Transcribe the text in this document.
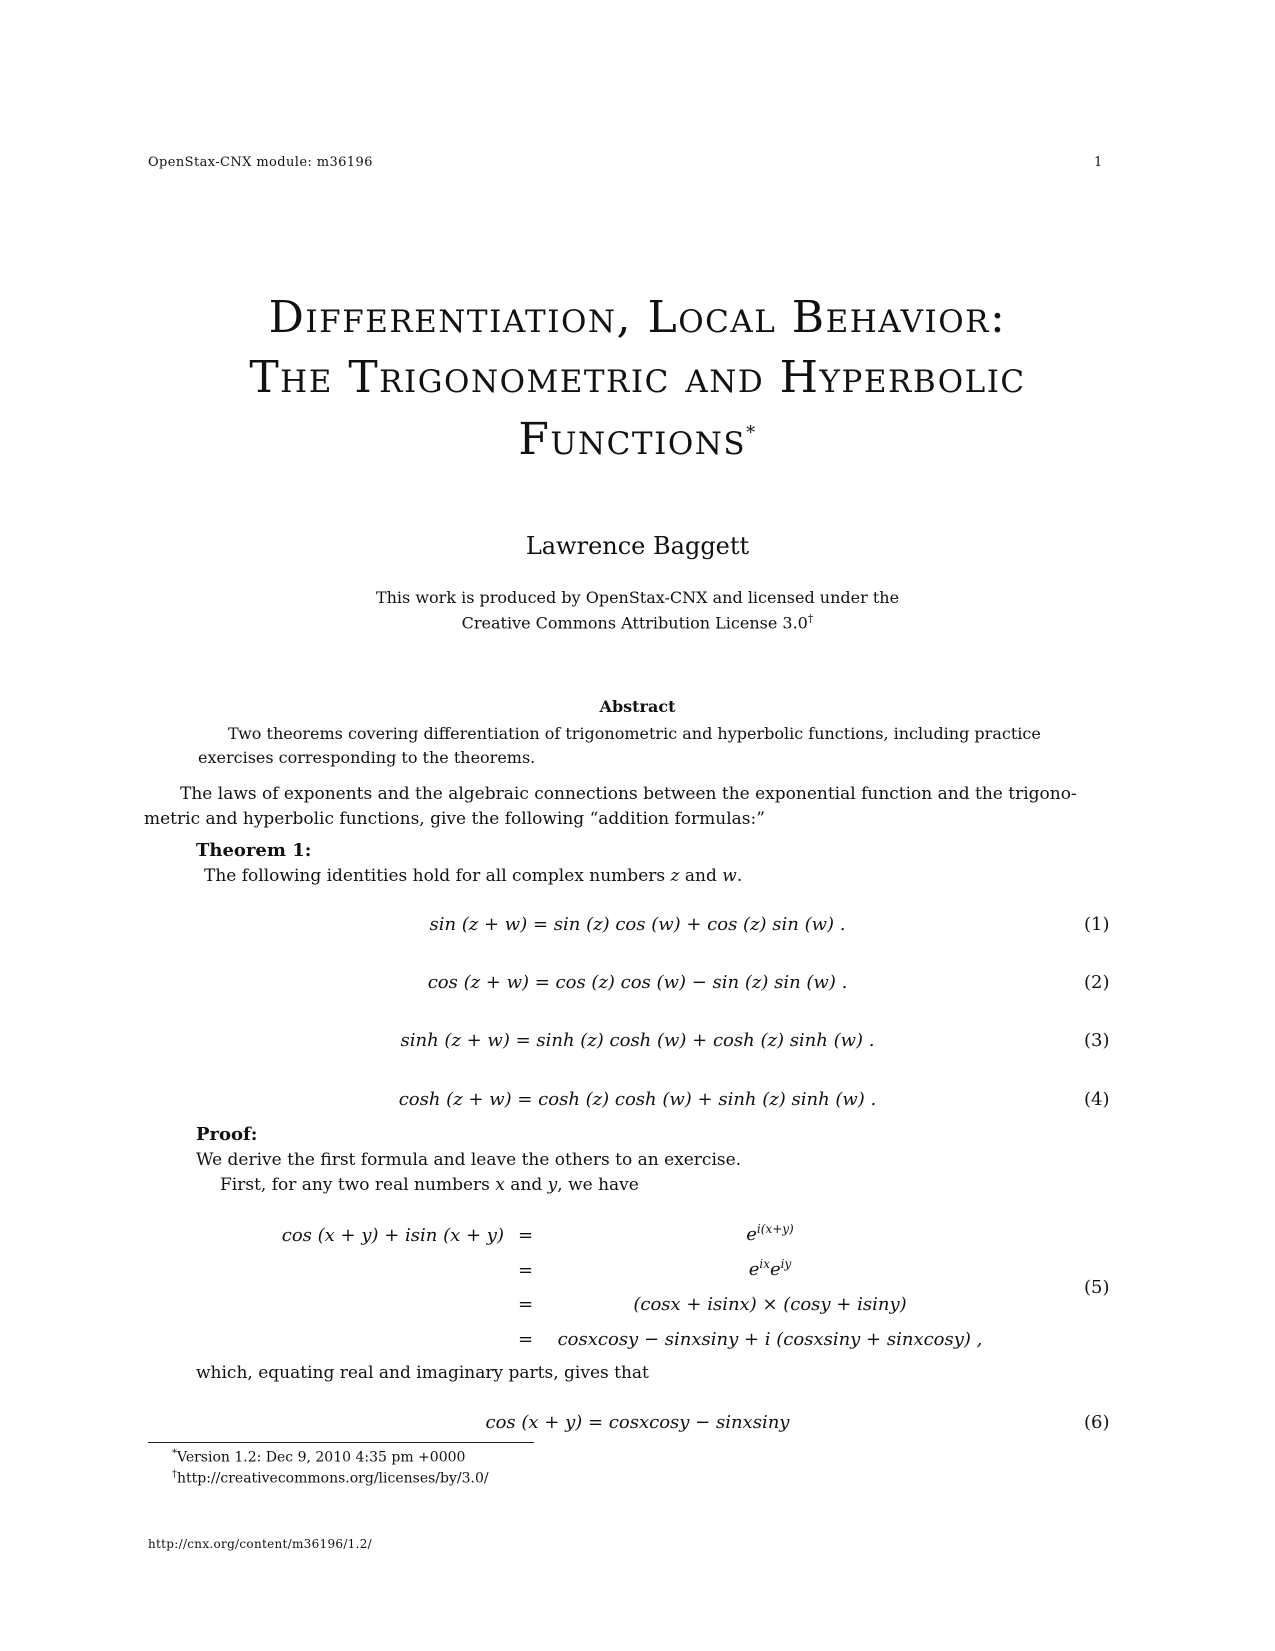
OpenStax-CNX module: m36196	1
Differentiation, Local Behavior:
The Trigonometric and Hyperbolic
Functions*
Lawrence Baggett
This work is produced by OpenStax-CNX and licensed under the
Creative Commons Attribution License 3.0†
Abstract
Two theorems covering differentiation of trigonometric and hyperbolic functions, including practice
exercises corresponding to the theorems.
The laws of exponents and the algebraic connections between the exponential function and the trigono-
metric and hyperbolic functions, give the following “addition formulas:”
Theorem 1:
The following identities hold for all complex numbers z and w.
sin (z + w) = sin (z) cos (w) + cos (z) sin (w) .	(1)
cos (z + w) = cos (z) cos (w) − sin (z) sin (w) .	(2)
sinh (z + w) = sinh (z) cosh (w) + cosh (z) sinh (w) .	(3)
cosh (z + w) = cosh (z) cosh (w) + sinh (z) sinh (w) .	(4)
Proof:
We derive the first formula and leave the others to an exercise.
First, for any two real numbers x and y, we have
cos (x + y) + isin (x + y) =	$e^{i(x+y)}$
=	$e^{ix}e^{iy}$
=	(cosx + isinx) × (cosy + isiny)
=	cosxcosy − sinxsiny + i (cosxsiny + sinxcosy) ,
(5)
which, equating real and imaginary parts, gives that
cos (x + y) = cosxcosy − sinxsiny	(6)
*Version 1.2: Dec 9, 2010 4:35 pm +0000
†http://creativecommons.org/licenses/by/3.0/
http://cnx.org/content/m36196/1.2/
